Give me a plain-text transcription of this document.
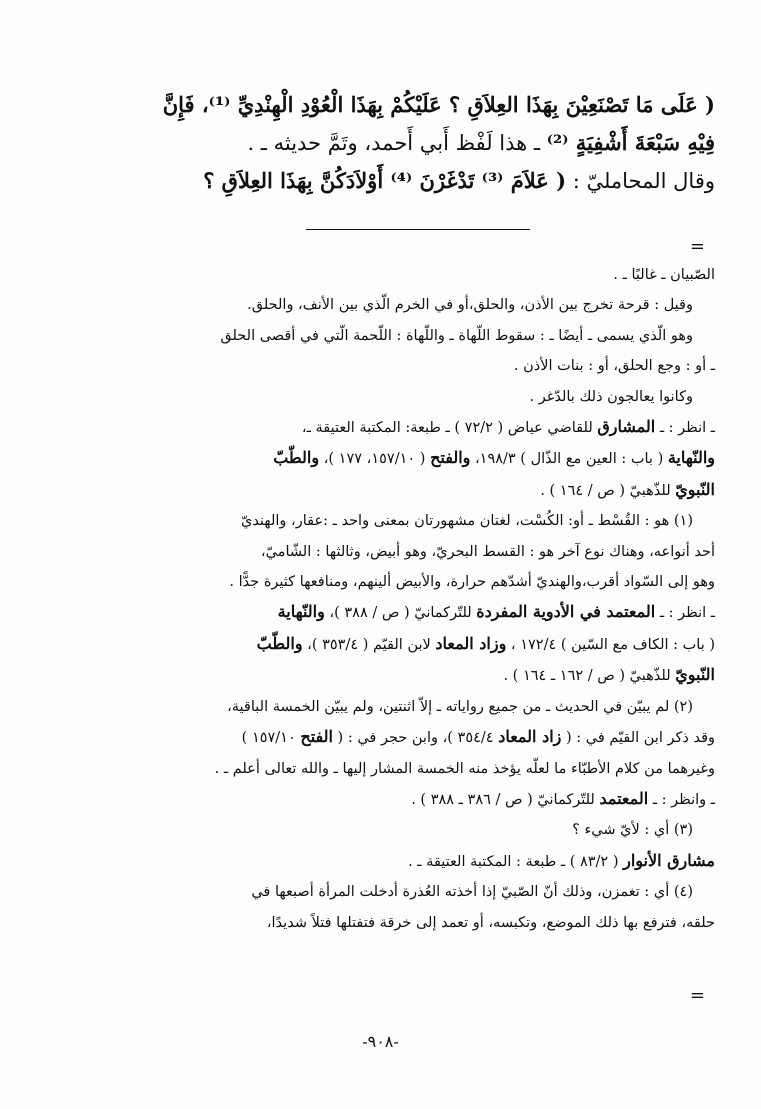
( عَلَى مَا تَصْنَعِيْنَ بِهَذَا العِلاَقِ ؟ عَلَيْكُمْ بِهَذَا الْعُوْدِ الْهِنْدِيِّ ⁽¹⁾، فَإِنَّ

فِيْهِ سَبْعَةَ أَشْفِيَةٍ ⁽²⁾ ـ هذا لَفْظ أَبي أَحمد، وتَمَّ حديثه ـ .

وقال المحامليّ : ( عَلاَمَ ⁽³⁾ تَدْغَرْنَ ⁽⁴⁾ أَوْلاَدَكُنَّ بِهَذَا العِلاَقِ ؟

=

الصّبيان ـ غالبًا ـ .

وقيل : قرحة تخرج بين الأذن، والحلق،أو في الخرم الّذي بين الأنف، والحلق.

وهو الّذي يسمى ـ أيضًا ـ : سقوط اللّهاة ـ واللّهاة : اللّحمة الّتي في أقصى الحلق

ـ أو : وجع الحلق، أو : بنات الأذن .

وكانوا يعالجون ذلك بالدّغر .

ـ انظر : ـ المشارق للقاضي عياض ( ٧٢/٢ ) ـ طبعة: المكتبة العتيقة ـ،

والنّهاية ( باب : العين مع الذّال ) ١٩٨/٣، والفتح ( ١٥٧/١٠، ١٧٧ )، والطّبّ

النّبويّ للذّهبيّ ( ص / ١٦٤ ) .

(١) هو : القُسْط ـ أو: الكُسْت، لغتان مشهورتان بمعنى واحد ـ :عقار، والهنديّ

أحد أنواعه، وهناك نوع آخر هو : القسط البحريّ، وهو أبيض، وثالثها : الشّاميّ،

وهو إلى السّواد أقرب،والهنديّ أشدّهم حرارة، والأبيض ألينهم، ومنافعها كثيرة جدًّا .

ـ انظر : ـ المعتمد في الأدوية المفردة للتّركمانيّ ( ص / ٣٨٨ )، والنّهاية

( باب : الكاف مع السّين ) ١٧٢/٤ ، وزاد المعاد لابن القيّم ( ٣٥٣/٤ )، والطّبّ

النّبويّ للذّهبيّ ( ص / ١٦٢ ـ ١٦٤ ) .

(٢) لم يبيّن في الحديث ـ من جميع رواياته ـ إلاّ اثنتين، ولم يبيّن الخمسة الباقية،

وقد ذكر ابن القيّم في : ( زاد المعاد ٣٥٤/٤ )، وابن حجر في : ( الفتح ١٥٧/١٠ )

وغيرهما من كلام الأطبّاء ما لعلّه يؤخذ منه الخمسة المشار إليها ـ والله تعالى أعلم ـ .

ـ وانظر : ـ المعتمد للتّركمانيّ ( ص / ٣٨٦ ـ ٣٨٨ ) .

(٣) أي : لأيّ شيء ؟

مشارق الأنوار ( ٨٣/٢ ) ـ طبعة : المكتبة العتيقة ـ .

(٤) أي : تغمزن، وذلك أنّ الصّبيّ إذا أخذته العُذرة أدخلت المرأة أصبعها في

حلقه، فترفع بها ذلك الموضع، وتكبسه، أو تعمد إلى خرقة فتفتلها فتلاً شديدًا،

=
-٩٠٨-
